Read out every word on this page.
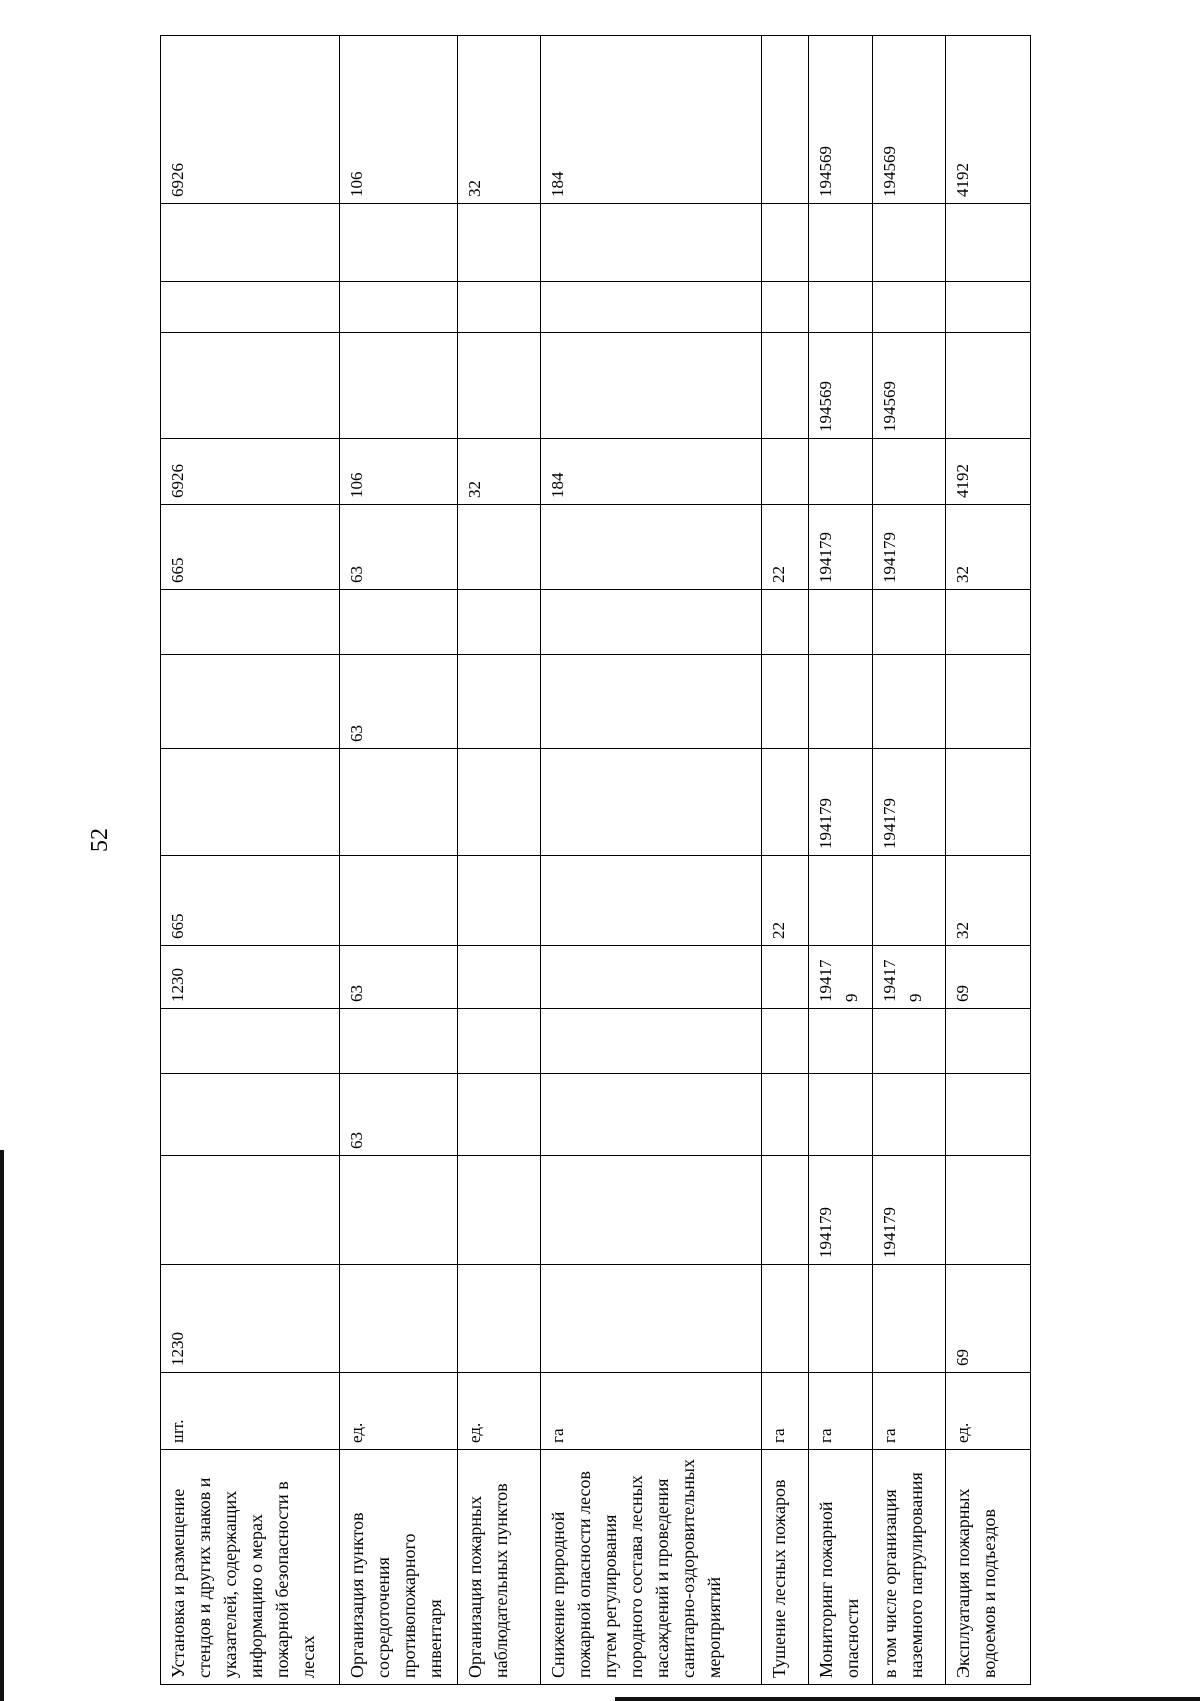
52
Установка и размещение стендов и других знаков и указателей, содержащих информацию о мерах пожарной безопасности в лесах	шт.	1230				1230	665				665	6926				6926
Организация пунктов сосредоточения противопожарного инвентаря	ед.			63		63			63		63	106				106
Организация пожарных наблюдательных пунктов	ед.											32				32
Снижение природной пожарной опасности лесов путем регулирования породного состава лесных насаждений и проведения санитарно-оздоровительных мероприятий	га											184				184
Тушение лесных пожаров	га						22				22					
Мониторинг пожарной опасности	га		194179			194179		194179			194179		194569			194569
в том числе организация наземного патрулирования	га		194179			194179		194179			194179		194569			194569
Эксплуатация пожарных водоемов и подъездов	ед.	69				69	32				32	4192				4192
